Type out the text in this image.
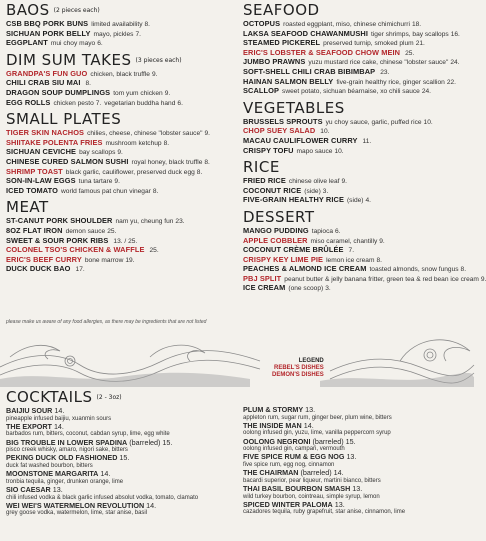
BAOS (2 pieces each)
CSB BBQ PORK BUNS limited availability 8.
SICHUAN PORK BELLY mayo, pickles 7.
EGGPLANT mui choy mayo 6.
DIM SUM TAKES (3 pieces each)
GRANDPA'S FUN GUO chicken, black truffle 9.
CHILI CRAB SIU MAI 8.
DRAGON SOUP DUMPLINGS tom yum chicken 9.
EGG ROLLS chicken pesto 7. vegetarian buddha hand 6.
SMALL PLATES
TIGER SKIN NACHOS chilies, cheese, chinese "lobster sauce" 9.
SHIITAKE POLENTA FRIES mushroom ketchup 8.
SICHUAN CEVICHE bay scallops 9.
CHINESE CURED SALMON SUSHI royal honey, black truffle 8.
SHRIMP TOAST black garlic, cauliflower, preserved duck egg 8.
SON-IN-LAW EGGS tuna tartare 9.
ICED TOMATO world famous pat chun vinegar 8.
MEAT
ST-CANUT PORK SHOULDER nam yu, cheung fun 23.
8OZ FLAT IRON demon sauce 25.
SWEET & SOUR PORK RIBS 13. / 25.
COLONEL TSO'S CHICKEN & WAFFLE 25.
ERIC'S BEEF CURRY bone marrow 19.
DUCK DUCK BAO 17.
SEAFOOD
OCTOPUS roasted eggplant, miso, chinese chimichurri 18.
LAKSA SEAFOOD CHAWANMUSHI tiger shrimps, bay scallops 16.
STEAMED PICKEREL preserved turnip, smoked plum 21.
ERIC'S LOBSTER & SEAFOOD CHOW MEIN 25.
JUMBO PRAWNS yuzu mustard rice cake, chinese "lobster sauce" 24.
SOFT-SHELL CHILI CRAB BIBIMBAP 23.
HAINAN SALMON BELLY five-grain healthy rice, ginger scallion 22.
SCALLOP sweet potato, sichuan béarnaise, xo chili sauce 24.
VEGETABLES
BRUSSELS SPROUTS yu choy sauce, garlic, puffed rice 10.
CHOP SUEY SALAD 10.
MACAU CAULIFLOWER CURRY 11.
CRISPY TOFU mapo sauce 10.
RICE
FRIED RICE chinese olive leaf 9.
COCONUT RICE (side) 3.
FIVE-GRAIN HEALTHY RICE (side) 4.
DESSERT
MANGO PUDDING tapioca 6.
APPLE COBBLER miso caramel, chantilly 9.
COCONUT CRÈME BRÛLÉE 7.
CRISPY KEY LIME PIE lemon ice cream 8.
PEACHES & ALMOND ICE CREAM toasted almonds, snow fungus 8.
PBJ SPLIT peanut butter & jelly banana fritter, green tea & red bean ice cream 9.
ICE CREAM (one scoop) 3.
please make us aware of any food allergies, as there may be ingredients that are not listed
LEGEND
REBEL'S DISHES
DEMON'S DISHES
COCKTAILS (2 - 3oz)
BAIJIU SOUR 14.
pineapple infused baijiu, xuanmin sours
THE EXPORT 14.
barbados rum, bitters, coconut, cabdan syrup, lime, egg white
BIG TROUBLE IN LOWER SPADINA (barreled) 15.
pisco creek whisky, amaro, nigori sake, bitters
PEKING DUCK OLD FASHIONED 15.
duck fat washed bourbon, bitters
MOONSTONE MARGARITA 14.
tronbia tequila, ginger, drunken orange, lime
SIO CAESAR 13.
chili infused vodka & black garlic infused absolut vodka, tomato, clamato
WEI WEI'S WATERMELON REVOLUTION 14.
grey goose vodka, watermelon, lime, star anise, basil
PLUM & STORMY 13.
appleton rum, sugar rum, ginger beer, plum wine, bitters
THE INSIDE MAN 14.
oolong infused gin, yuzu, lime, vanilla peppercorn syrup
OOLONG NEGRONI (barreled) 15.
oolong infused gin, campari, vermouth
FIVE SPICE RUM & EGG NOG 13.
five spice rum, egg nog, cinnamon
THE CHAIRMAN (barreled) 14.
bacardi superior, pear liqueur, martini bianco, bitters
THAI BASIL BOURBON SMASH 13.
wild turkey bourbon, cointreau, simple syrup, lemon
SPICED WINTER PALOMA 13.
cazadores tequila, ruby grapefruit, star anise, cinnamon, lime
